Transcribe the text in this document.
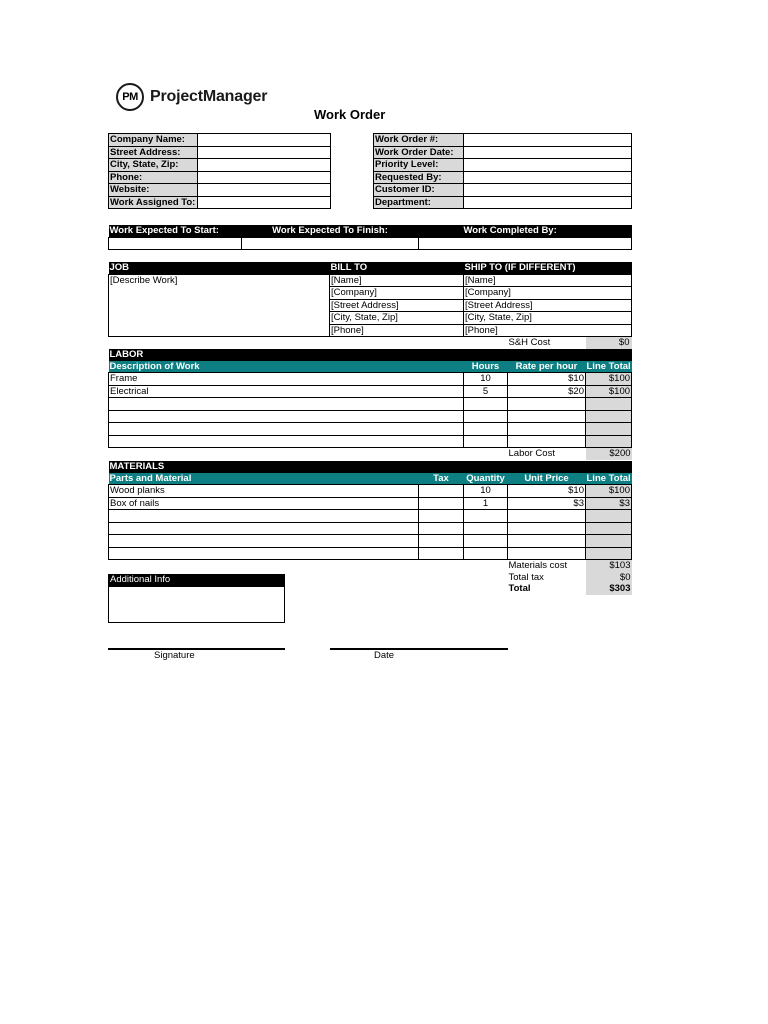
PM ProjectManager
Work Order
Company Name:	
Street Address:	
City, State, Zip:	
Phone:	
Website:	
Work Assigned To:	
Work Order #:	
Work Order Date:	
Priority Level:	
Requested By:	
Customer ID:	
Department:	
Work Expected To Start:	Work Expected To Finish:	Work Completed By:

JOB	BILL TO	SHIP TO (IF DIFFERENT)
[Describe Work]	[Name]	[Name]
	[Company]	[Company]
	[Street Address]	[Street Address]
	[City, State, Zip]	[City, State, Zip]
	[Phone]	[Phone]

		S&H Cost $0
LABOR			
Description of Work	Hours	Rate per hour	Line Total
Frame	10	$10	$100
Electrical	5	$20	$100

		Labor Cost	$200
MATERIALS				
Parts and Material	Tax	Quantity	Unit Price	Line Total
Wood planks		10	$10	$100
Box of nails		1	$3	$3

			Materials cost	$103
			Total tax	$0
			Total	$303
Additional Info
Signature	Date
